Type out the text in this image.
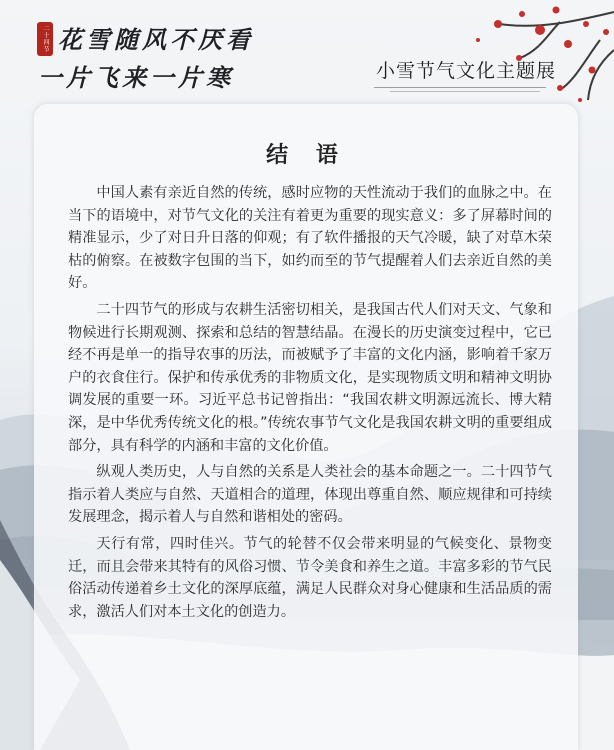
二十四节 花雪随风不厌看
一片飞来一片寒	小雪节气文化主题展
结 语

中国人素有亲近自然的传统，感时应物的天性流动于我们的血脉之中。在当下的语境中，对节气文化的关注有着更为重要的现实意义：多了屏幕时间的精准显示，少了对日升日落的仰观；有了软件播报的天气冷暖，缺了对草木荣枯的俯察。在被数字包围的当下，如约而至的节气提醒着人们去亲近自然的美好。

二十四节气的形成与农耕生活密切相关，是我国古代人们对天文、气象和物候进行长期观测、探索和总结的智慧结晶。在漫长的历史演变过程中，它已经不再是单一的指导农事的历法，而被赋予了丰富的文化内涵，影响着千家万户的衣食住行。保护和传承优秀的非物质文化，是实现物质文明和精神文明协调发展的重要一环。习近平总书记曾指出：“我国农耕文明源远流长、博大精深，是中华优秀传统文化的根。”传统农事节气文化是我国农耕文明的重要组成部分，具有科学的内涵和丰富的文化价值。

纵观人类历史，人与自然的关系是人类社会的基本命题之一。二十四节气指示着人类应与自然、天道相合的道理，体现出尊重自然、顺应规律和可持续发展理念，揭示着人与自然和谐相处的密码。

天行有常，四时佳兴。节气的轮替不仅会带来明显的气候变化、景物变迁，而且会带来其特有的风俗习惯、节令美食和养生之道。丰富多彩的节气民俗活动传递着乡土文化的深厚底蕴，满足人民群众对身心健康和生活品质的需求，激活人们对本土文化的创造力。
